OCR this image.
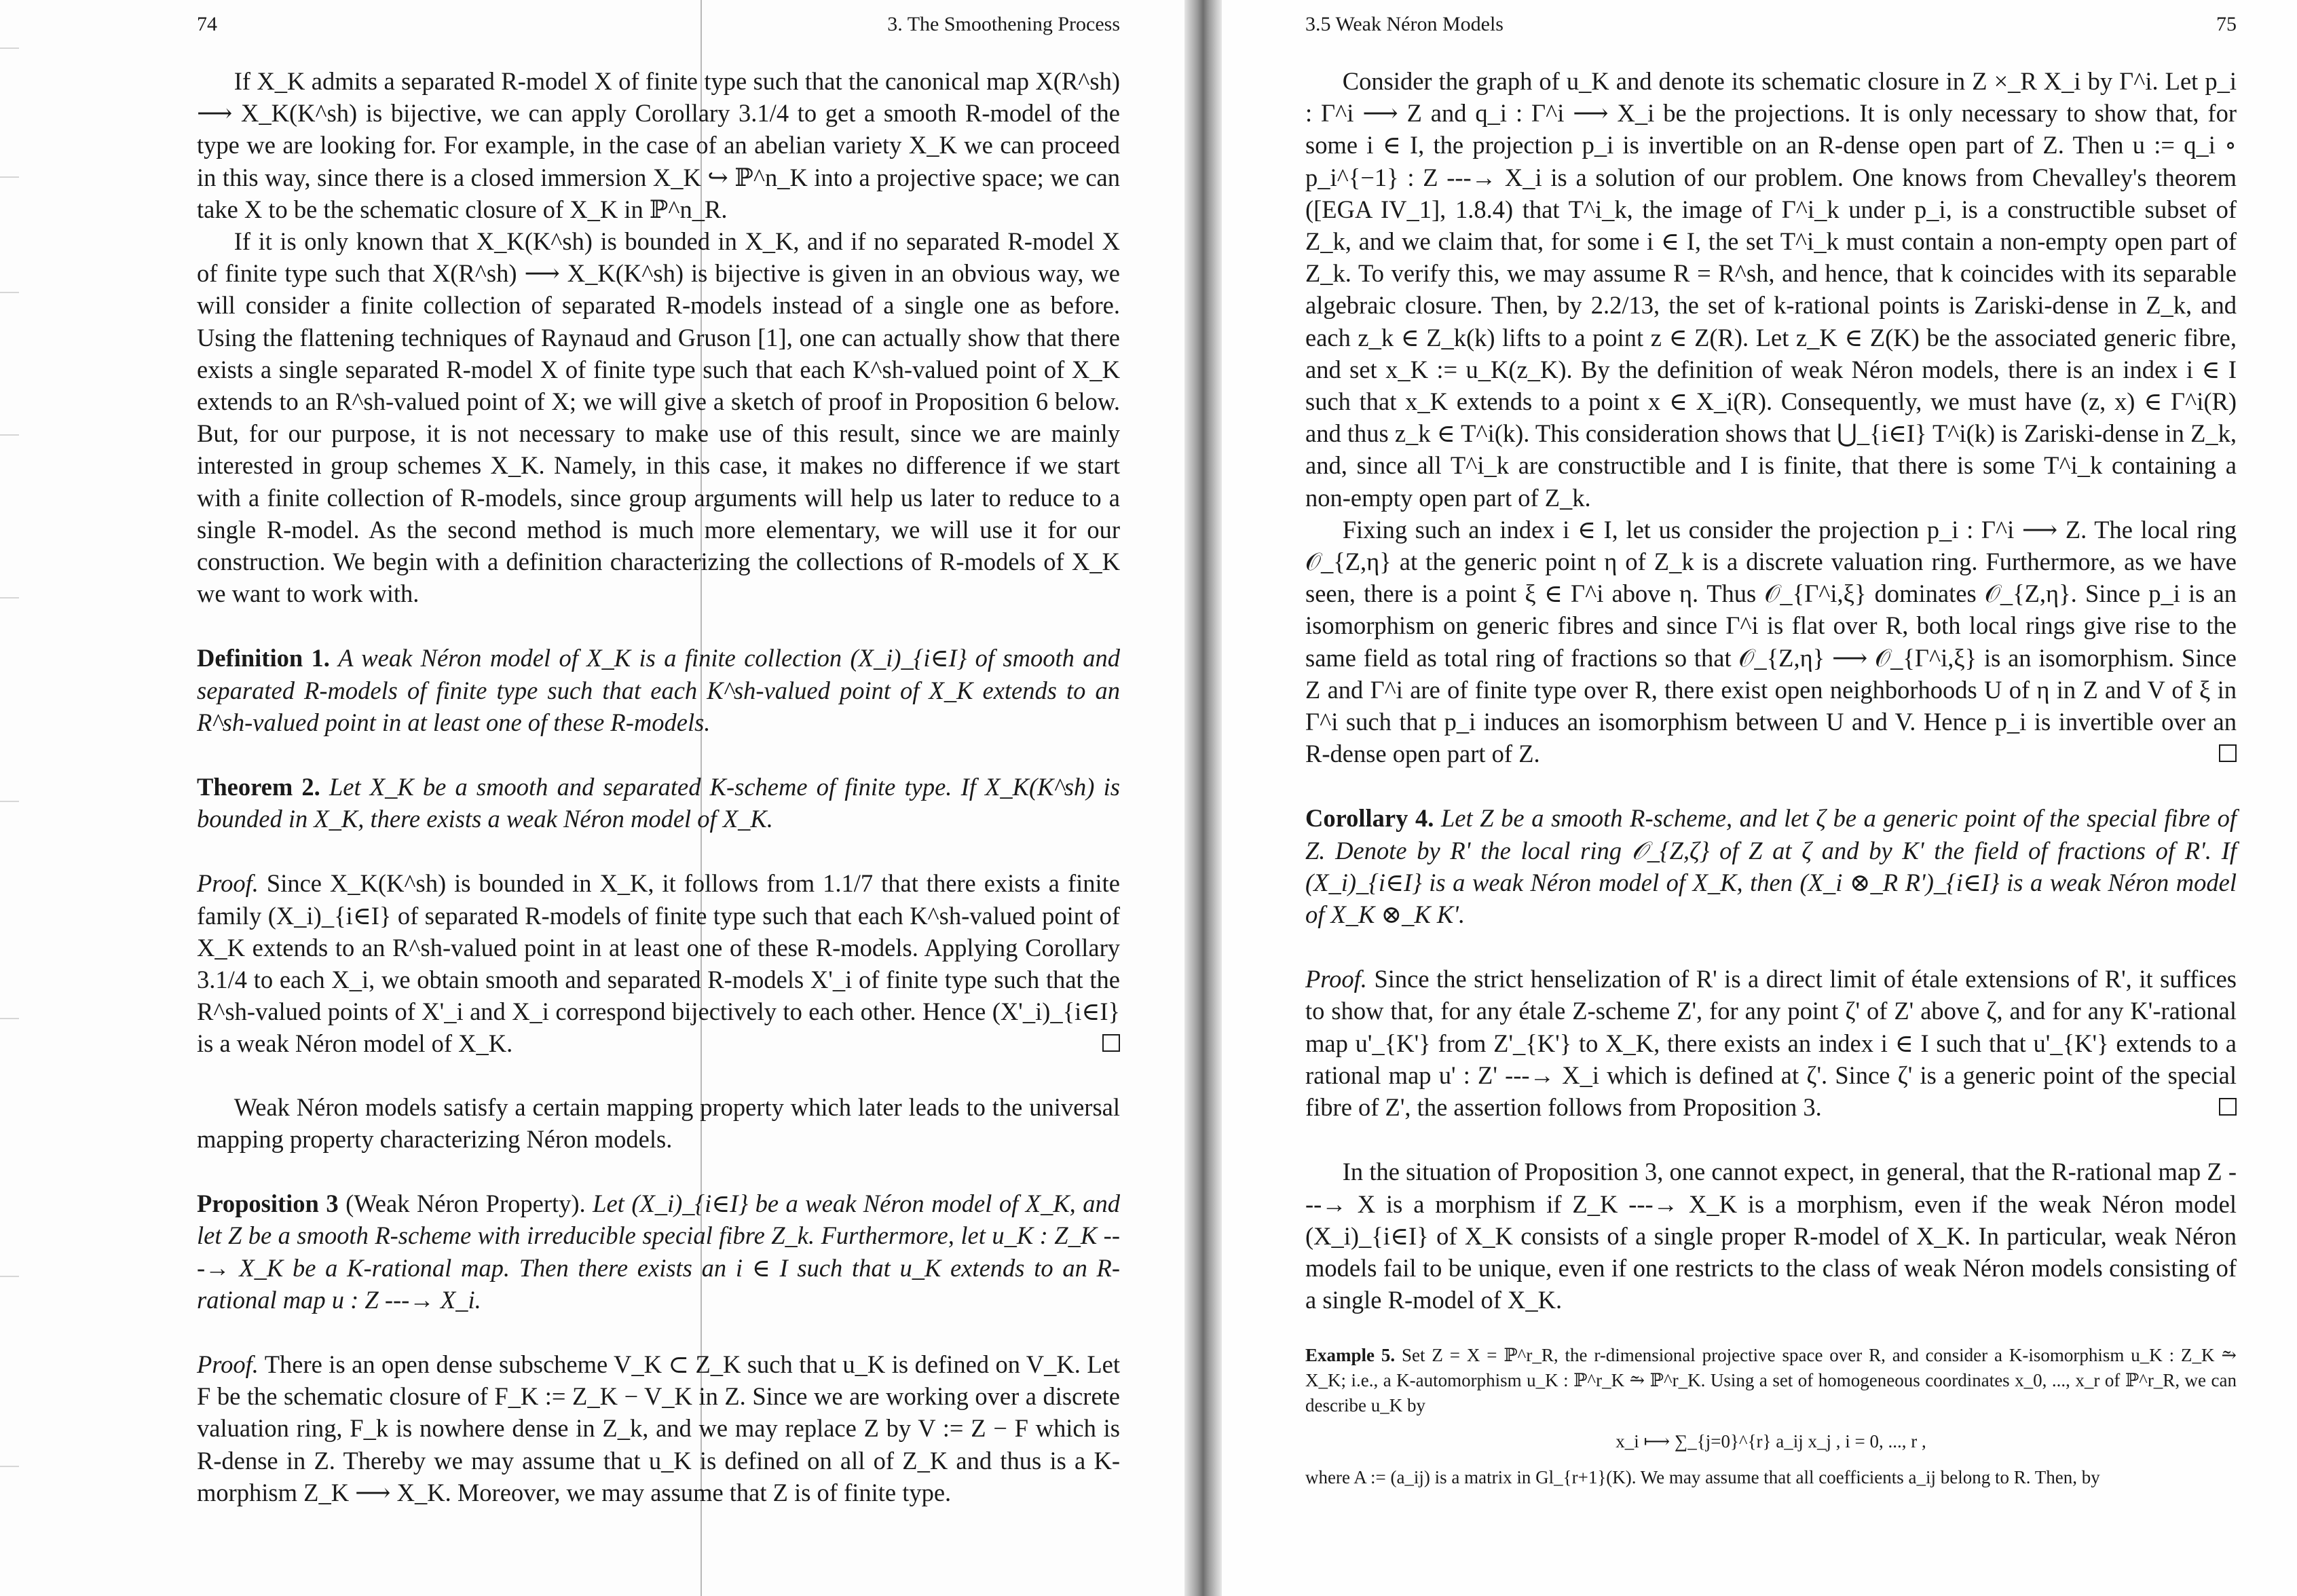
74	3. The Smoothening Process

If X_K admits a separated R-model X of finite type such that the canonical map X(R^sh) ⟶ X_K(K^sh) is bijective, we can apply Corollary 3.1/4 to get a smooth R-model of the type we are looking for. For example, in the case of an abelian variety X_K we can proceed in this way, since there is a closed immersion X_K ↪ ℙ^n_K into a projective space; we can take X to be the schematic closure of X_K in ℙ^n_R.

If it is only known that X_K(K^sh) is bounded in X_K, and if no separated R-model X of finite type such that X(R^sh) ⟶ X_K(K^sh) is bijective is given in an obvious way, we will consider a finite collection of separated R-models instead of a single one as before. Using the flattening techniques of Raynaud and Gruson [1], one can actually show that there exists a single separated R-model X of finite type such that each K^sh-valued point of X_K extends to an R^sh-valued point of X; we will give a sketch of proof in Proposition 6 below. But, for our purpose, it is not necessary to make use of this result, since we are mainly interested in group schemes X_K. Namely, in this case, it makes no difference if we start with a finite collection of R-models, since group arguments will help us later to reduce to a single R-model. As the second method is much more elementary, we will use it for our construction. We begin with a definition characterizing the collections of R-models of X_K we want to work with.

Definition 1. A weak Néron model of X_K is a finite collection (X_i)_{i∈I} of smooth and separated R-models of finite type such that each K^sh-valued point of X_K extends to an R^sh-valued point in at least one of these R-models.

Theorem 2. Let X_K be a smooth and separated K-scheme of finite type. If X_K(K^sh) is bounded in X_K, there exists a weak Néron model of X_K.

Proof. Since X_K(K^sh) is bounded in X_K, it follows from 1.1/7 that there exists a finite family (X_i)_{i∈I} of separated R-models of finite type such that each K^sh-valued point of X_K extends to an R^sh-valued point in at least one of these R-models. Applying Corollary 3.1/4 to each X_i, we obtain smooth and separated R-models X'_i of finite type such that the R^sh-valued points of X'_i and X_i correspond bijectively to each other. Hence (X'_i)_{i∈I} is a weak Néron model of X_K.

Weak Néron models satisfy a certain mapping property which later leads to the universal mapping property characterizing Néron models.

Proposition 3 (Weak Néron Property). Let (X_i)_{i∈I} be a weak Néron model of X_K, and let Z be a smooth R-scheme with irreducible special fibre Z_k. Furthermore, let u_K : Z_K ---→ X_K be a K-rational map. Then there exists an i ∈ I such that u_K extends to an R-rational map u : Z ---→ X_i.

Proof. There is an open dense subscheme V_K ⊂ Z_K such that u_K is defined on V_K. Let F be the schematic closure of F_K := Z_K − V_K in Z. Since we are working over a discrete valuation ring, F_k is nowhere dense in Z_k, and we may replace Z by V := Z − F which is R-dense in Z. Thereby we may assume that u_K is defined on all of Z_K and thus is a K-morphism Z_K ⟶ X_K. Moreover, we may assume that Z is of finite type.

3.5 Weak Néron Models	75

Consider the graph of u_K and denote its schematic closure in Z ×_R X_i by Γ^i. Let p_i : Γ^i ⟶ Z and q_i : Γ^i ⟶ X_i be the projections. It is only necessary to show that, for some i ∈ I, the projection p_i is invertible on an R-dense open part of Z. Then u := q_i ∘ p_i^{−1} : Z ---→ X_i is a solution of our problem. One knows from Chevalley's theorem ([EGA IV_1], 1.8.4) that T^i_k, the image of Γ^i_k under p_i, is a constructible subset of Z_k, and we claim that, for some i ∈ I, the set T^i_k must contain a non-empty open part of Z_k. To verify this, we may assume R = R^sh, and hence, that k coincides with its separable algebraic closure. Then, by 2.2/13, the set of k-rational points is Zariski-dense in Z_k, and each z_k ∈ Z_k(k) lifts to a point z ∈ Z(R). Let z_K ∈ Z(K) be the associated generic fibre, and set x_K := u_K(z_K). By the definition of weak Néron models, there is an index i ∈ I such that x_K extends to a point x ∈ X_i(R). Consequently, we must have (z, x) ∈ Γ^i(R) and thus z_k ∈ T^i(k). This consideration shows that ⋃_{i∈I} T^i(k) is Zariski-dense in Z_k, and, since all T^i_k are constructible and I is finite, that there is some T^i_k containing a non-empty open part of Z_k.

Fixing such an index i ∈ I, let us consider the projection p_i : Γ^i ⟶ Z. The local ring 𝒪_{Z,η} at the generic point η of Z_k is a discrete valuation ring. Furthermore, as we have seen, there is a point ξ ∈ Γ^i above η. Thus 𝒪_{Γ^i,ξ} dominates 𝒪_{Z,η}. Since p_i is an isomorphism on generic fibres and since Γ^i is flat over R, both local rings give rise to the same field as total ring of fractions so that 𝒪_{Z,η} ⟶ 𝒪_{Γ^i,ξ} is an isomorphism. Since Z and Γ^i are of finite type over R, there exist open neighborhoods U of η in Z and V of ξ in Γ^i such that p_i induces an isomorphism between U and V. Hence p_i is invertible over an R-dense open part of Z.

Corollary 4. Let Z be a smooth R-scheme, and let ζ be a generic point of the special fibre of Z. Denote by R' the local ring 𝒪_{Z,ζ} of Z at ζ and by K' the field of fractions of R'. If (X_i)_{i∈I} is a weak Néron model of X_K, then (X_i ⊗_R R')_{i∈I} is a weak Néron model of X_K ⊗_K K'.

Proof. Since the strict henselization of R' is a direct limit of étale extensions of R', it suffices to show that, for any étale Z-scheme Z', for any point ζ' of Z' above ζ, and for any K'-rational map u'_{K'} from Z'_{K'} to X_K, there exists an index i ∈ I such that u'_{K'} extends to a rational map u' : Z' ---→ X_i which is defined at ζ'. Since ζ' is a generic point of the special fibre of Z', the assertion follows from Proposition 3.

In the situation of Proposition 3, one cannot expect, in general, that the R-rational map Z ---→ X is a morphism if Z_K ---→ X_K is a morphism, even if the weak Néron model (X_i)_{i∈I} of X_K consists of a single proper R-model of X_K. In particular, weak Néron models fail to be unique, even if one restricts to the class of weak Néron models consisting of a single R-model of X_K.

Example 5. Set Z = X = ℙ^r_R, the r-dimensional projective space over R, and consider a K-isomorphism u_K : Z_K ⥲ X_K; i.e., a K-automorphism u_K : ℙ^r_K ⥲ ℙ^r_K. Using a set of homogeneous coordinates x_0, ..., x_r of ℙ^r_R, we can describe u_K by

x_i ⟼ ∑_{j=0}^{r} a_ij x_j , i = 0, ..., r ,

where A := (a_ij) is a matrix in Gl_{r+1}(K). We may assume that all coefficients a_ij belong to R. Then, by
